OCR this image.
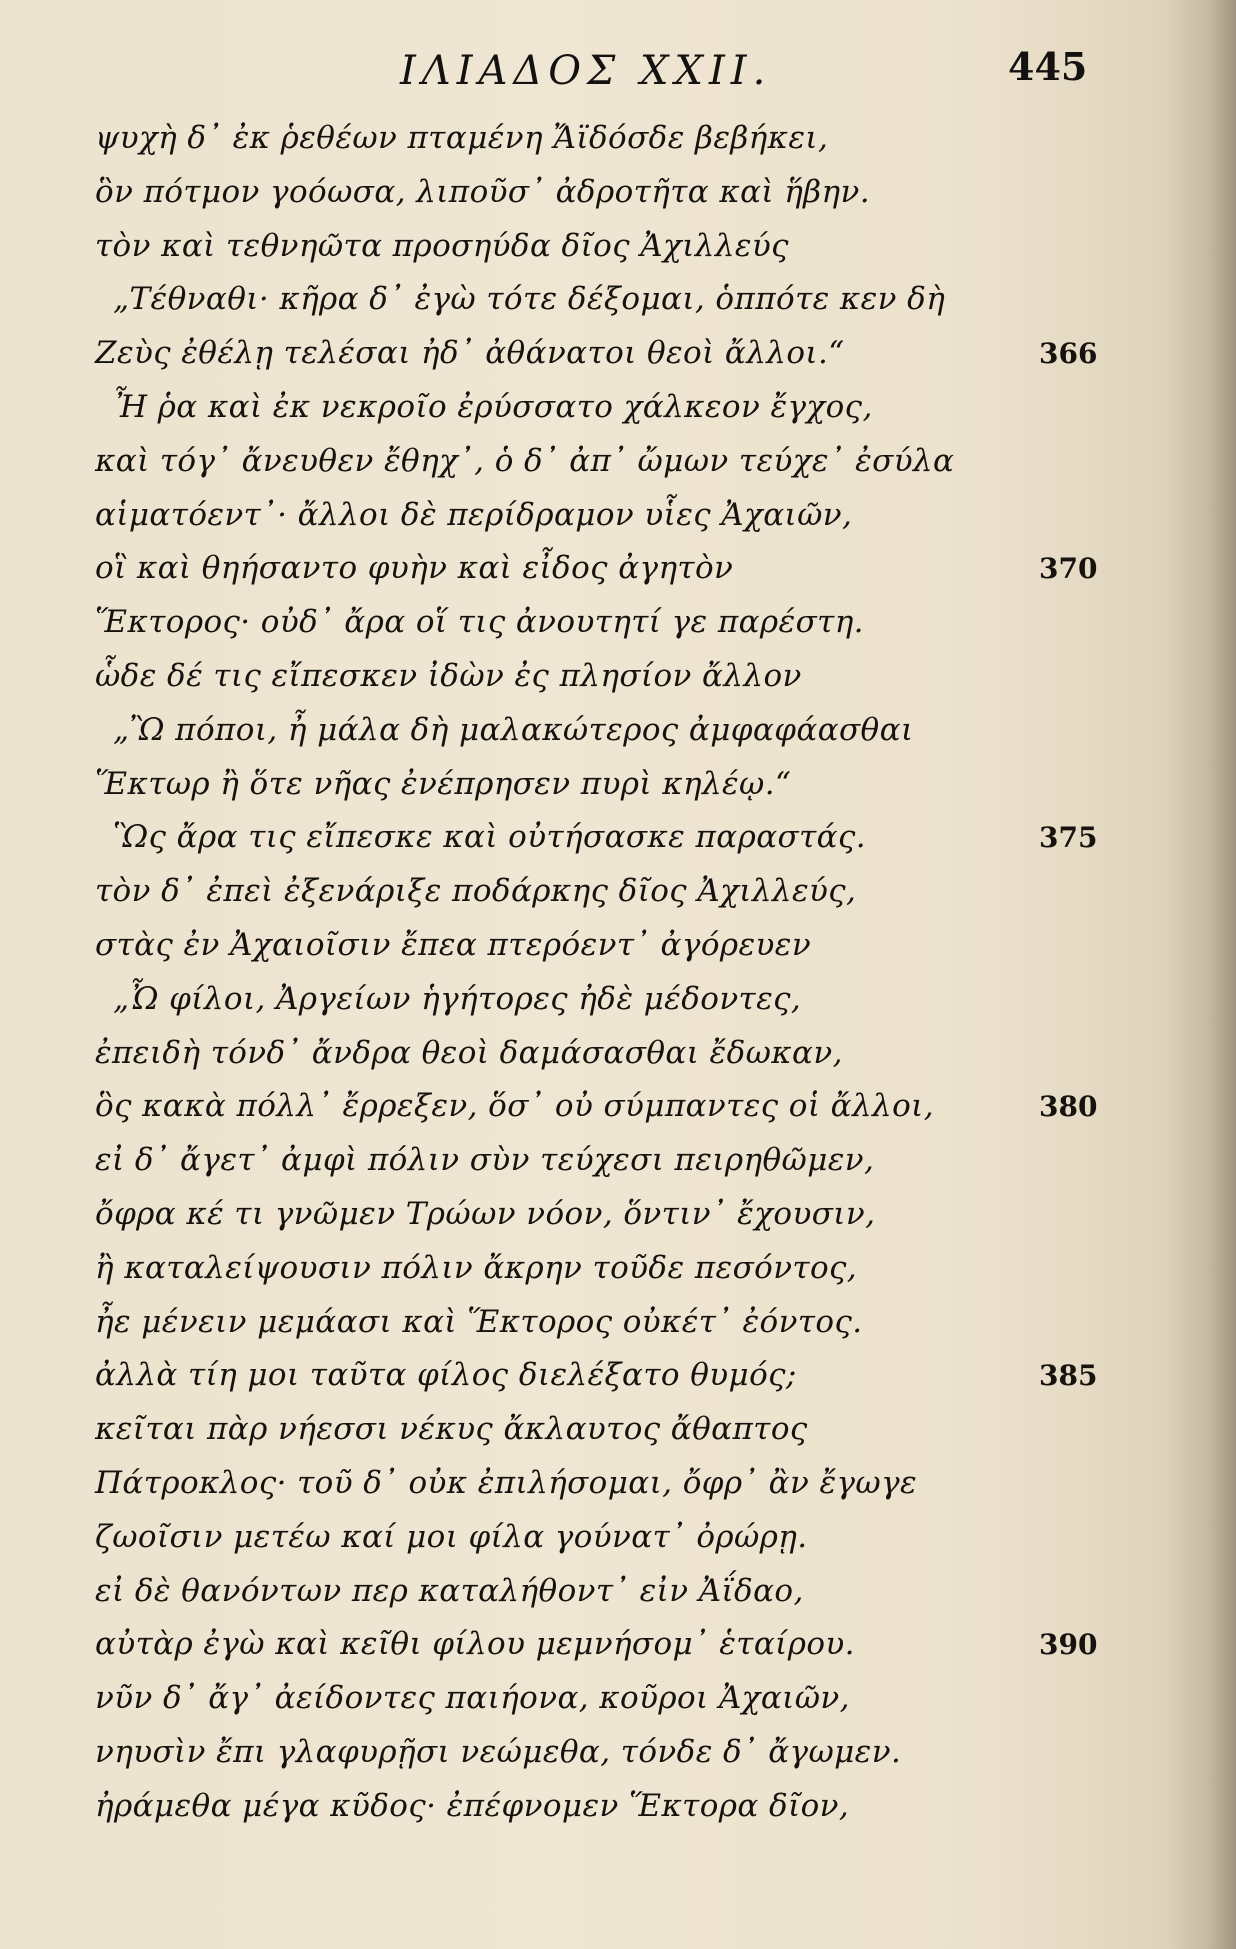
ΙΛΙΑΔΟΣ XXII.	445
ψυχὴ δ᾽ ἐκ ῥεθέων πταμένη Ἄϊδόσδε βεβήκει,
ὃν πότμον γοόωσα, λιποῦσ᾽ ἀδροτῆτα καὶ ἥβην.
τὸν καὶ τεθνηῶτα προσηύδα δῖος Ἀχιλλεύς
„Τέθναθι· κῆρα δ᾽ ἐγὼ τότε δέξομαι, ὁππότε κεν δὴ
Ζεὺς ἐθέλῃ τελέσαι ἠδ᾽ ἀθάνατοι θεοὶ ἄλλοι.“	366
Ἦ ῥα καὶ ἐκ νεκροῖο ἐρύσσατο χάλκεον ἔγχος,
καὶ τόγ᾽ ἄνευθεν ἔθηχ᾽, ὁ δ᾽ ἀπ᾽ ὤμων τεύχε᾽ ἐσύλα
αἱματόεντ᾽· ἄλλοι δὲ περίδραμον υἷες Ἀχαιῶν,
οἳ καὶ θηήσαντο φυὴν καὶ εἶδος ἀγητὸν	370
Ἕκτορος· οὐδ᾽ ἄρα οἵ τις ἀνουτητί γε παρέστη.
ὧδε δέ τις εἴπεσκεν ἰδὼν ἐς πλησίον ἄλλον
„Ὢ πόποι, ἦ μάλα δὴ μαλακώτερος ἀμφαφάασθαι
Ἕκτωρ ἢ ὅτε νῆας ἐνέπρησεν πυρὶ κηλέῳ.“
Ὣς ἄρα τις εἴπεσκε καὶ οὐτήσασκε παραστάς.	375
τὸν δ᾽ ἐπεὶ ἐξενάριξε ποδάρκης δῖος Ἀχιλλεύς,
στὰς ἐν Ἀχαιοῖσιν ἔπεα πτερόεντ᾽ ἀγόρευεν
„Ὦ φίλοι, Ἀργείων ἡγήτορες ἠδὲ μέδοντες,
ἐπειδὴ τόνδ᾽ ἄνδρα θεοὶ δαμάσασθαι ἔδωκαν,
ὃς κακὰ πόλλ᾽ ἔρρεξεν, ὅσ᾽ οὐ σύμπαντες οἱ ἄλλοι,	380
εἰ δ᾽ ἄγετ᾽ ἀμφὶ πόλιν σὺν τεύχεσι πειρηθῶμεν,
ὄφρα κέ τι γνῶμεν Τρώων νόον, ὅντιν᾽ ἔχουσιν,
ἢ καταλείψουσιν πόλιν ἄκρην τοῦδε πεσόντος,
ἦε μένειν μεμάασι καὶ Ἕκτορος οὐκέτ᾽ ἐόντος.
ἀλλὰ τίη μοι ταῦτα φίλος διελέξατο θυμός;	385
κεῖται πὰρ νήεσσι νέκυς ἄκλαυτος ἄθαπτος
Πάτροκλος· τοῦ δ᾽ οὐκ ἐπιλήσομαι, ὄφρ᾽ ἂν ἔγωγε
ζωοῖσιν μετέω καί μοι φίλα γούνατ᾽ ὀρώρῃ.
εἰ δὲ θανόντων περ καταλήθοντ᾽ εἰν Ἀΐδαο,
αὐτὰρ ἐγὼ καὶ κεῖθι φίλου μεμνήσομ᾽ ἑταίρου.	390
νῦν δ᾽ ἄγ᾽ ἀείδοντες παιήονα, κοῦροι Ἀχαιῶν,
νηυσὶν ἔπι γλαφυρῇσι νεώμεθα, τόνδε δ᾽ ἄγωμεν.
ἠράμεθα μέγα κῦδος· ἐπέφνομεν Ἕκτορα δῖον,
